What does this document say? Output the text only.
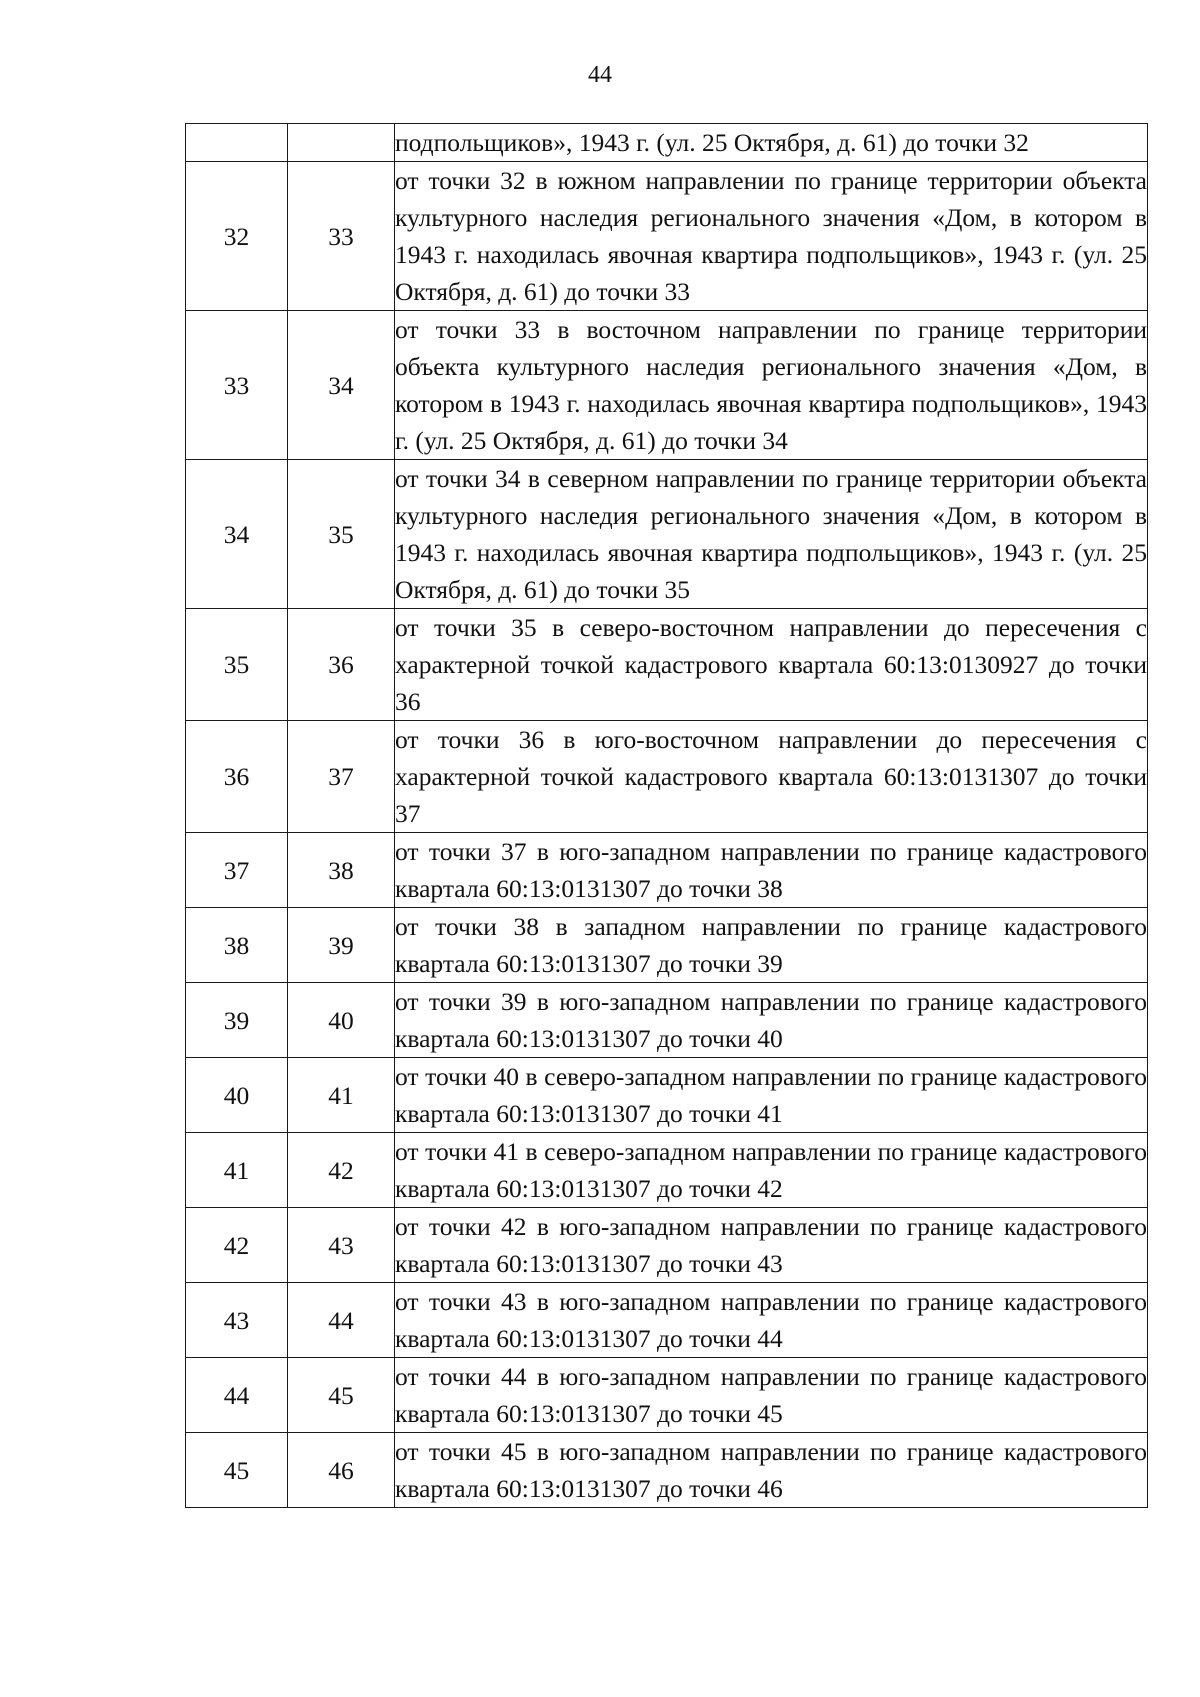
44
		подпольщиков», 1943 г. (ул. 25 Октября, д. 61) до точки 32
32	33	от точки 32 в южном направлении по границе территории объекта культурного наследия регионального значения «Дом, в котором в 1943 г. находилась явочная квартира подпольщиков», 1943 г. (ул. 25 Октября, д. 61) до точки 33
33	34	от точки 33 в восточном направлении по границе территории объекта культурного наследия регионального значения «Дом, в котором в 1943 г. находилась явочная квартира подпольщиков», 1943 г. (ул. 25 Октября, д. 61) до точки 34
34	35	от точки 34 в северном направлении по границе территории объекта культурного наследия регионального значения «Дом, в котором в 1943 г. находилась явочная квартира подпольщиков», 1943 г. (ул. 25 Октября, д. 61) до точки 35
35	36	от точки 35 в северо-восточном направлении до пересечения с характерной точкой кадастрового квартала 60:13:0130927 до точки 36
36	37	от точки 36 в юго-восточном направлении до пересечения с характерной точкой кадастрового квартала 60:13:0131307 до точки 37
37	38	от точки 37 в юго-западном направлении по границе кадастрового квартала 60:13:0131307 до точки 38
38	39	от точки 38 в западном направлении по границе кадастрового квартала 60:13:0131307 до точки 39
39	40	от точки 39 в юго-западном направлении по границе кадастрового квартала 60:13:0131307 до точки 40
40	41	от точки 40 в северо-западном направлении по границе кадастрового квартала 60:13:0131307 до точки 41
41	42	от точки 41 в северо-западном направлении по границе кадастрового квартала 60:13:0131307 до точки 42
42	43	от точки 42 в юго-западном направлении по границе кадастрового квартала 60:13:0131307 до точки 43
43	44	от точки 43 в юго-западном направлении по границе кадастрового квартала 60:13:0131307 до точки 44
44	45	от точки 44 в юго-западном направлении по границе кадастрового квартала 60:13:0131307 до точки 45
45	46	от точки 45 в юго-западном направлении по границе кадастрового квартала 60:13:0131307 до точки 46
